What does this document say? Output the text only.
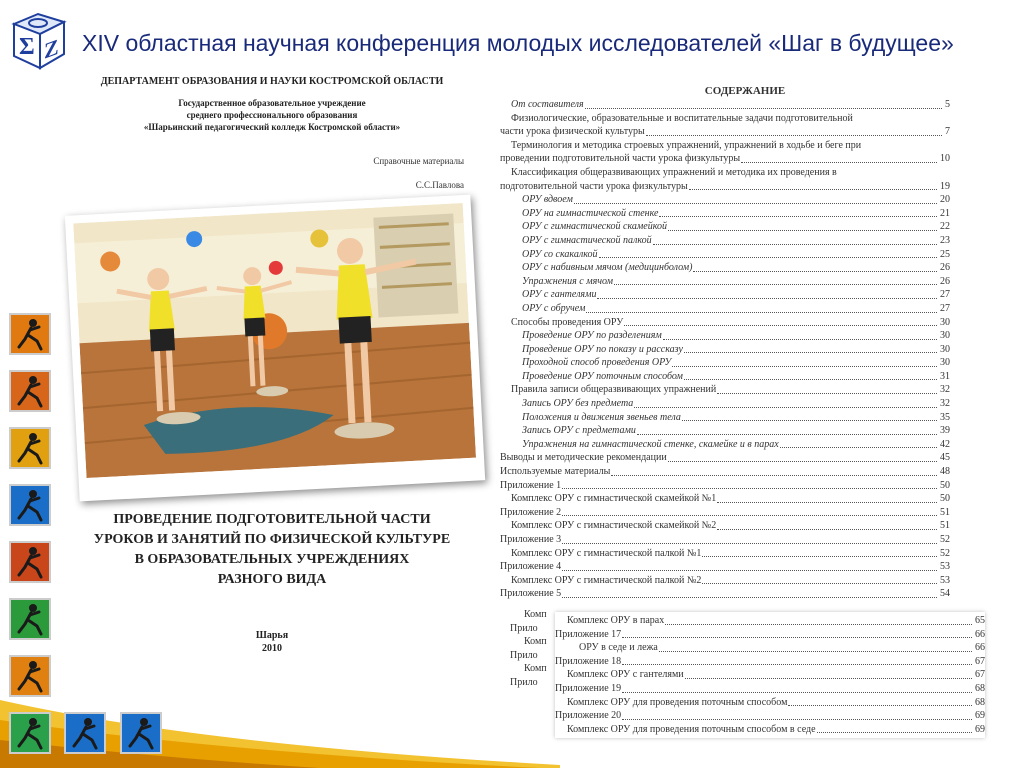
Σ Z XIV областная научная конференция молодых исследователей «Шаг в будущее»
ДЕПАРТАМЕНТ ОБРАЗОВАНИЯ И НАУКИ КОСТРОМСКОЙ ОБЛАСТИ
Государственное образовательное учреждение
среднего профессионального образования
«Шарьинский педагогический колледж Костромской области»
Справочные материалы
С.С.Павлова
ПРОВЕДЕНИЕ ПОДГОТОВИТЕЛЬНОЙ ЧАСТИ
УРОКОВ И ЗАНЯТИЙ ПО ФИЗИЧЕСКОЙ КУЛЬТУРЕ
В ОБРАЗОВАТЕЛЬНЫХ УЧРЕЖДЕНИЯХ
РАЗНОГО ВИДА
Шарья
2010
СОДЕРЖАНИЕ
От составителя	5
Физиологические, образовательные и воспитательные задачи подготовительной
части урока физической культуры	7
Терминология и методика строевых упражнений, упражнений в ходьбе и беге при
проведении подготовительной части урока физкультуры	10
Классификация общеразвивающих упражнений и методика их проведения в
подготовительной части урока физкультуры	19
ОРУ вдвоем	20
ОРУ на гимнастической стенке	21
ОРУ с гимнастической скамейкой	22
ОРУ с гимнастической палкой	23
ОРУ со скакалкой	25
ОРУ с набивным мячом (медицинболом)	26
Упражнения с мячом	26
ОРУ с гантелями	27
ОРУ с обручем	27
Способы проведения ОРУ	30
Проведение ОРУ по разделениям	30
Проведение ОРУ по показу и рассказу	30
Проходной способ проведения ОРУ	30
Проведение ОРУ поточным способом	31
Правила записи общеразвивающих упражнений	32
Запись ОРУ без предмета	32
Положения и движения звеньев тела	35
Запись ОРУ с предметами	39
Упражнения на гимнастической стенке, скамейке и в парах	42
Выводы и методические рекомендации	45
Используемые материалы	48
Приложение 1	50
Комплекс ОРУ с гимнастической скамейкой №1	50
Приложение 2	51
Комплекс ОРУ с гимнастической скамейкой №2	51
Приложение 3	52
Комплекс ОРУ с гимнастической палкой №1	52
Приложение 4	53
Комплекс ОРУ с гимнастической палкой №2	53
Приложение 5	54
Комплекс ОРУ в парах	65
Приложение 17	66
ОРУ в седе и лежа	66
Приложение 18	67
Комплекс ОРУ с гантелями	67
Приложение 19	68
Комплекс ОРУ для проведения поточным способом	68
Приложение 20	69
Комплекс ОРУ для проведения поточным способом в седе	69
Комп
Прило
Комп
Прило
Комп
Прило
